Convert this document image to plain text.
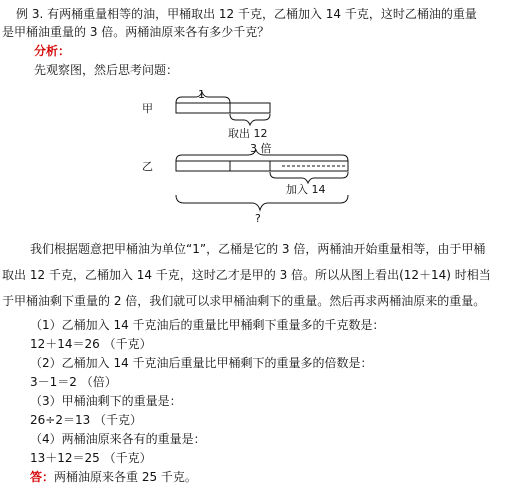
例 3. 有两桶重量相等的油，甲桶取出 12 千克，乙桶加入 14 千克，这时乙桶油的重量
是甲桶油重量的 3 倍。两桶油原来各有多少千克？
分析：
先观察图，然后思考问题：
甲
1
取出 12
乙
3 倍
加入 14
?
我们根据题意把甲桶油为单位“1”，乙桶是它的 3 倍，两桶油开始重量相等，由于甲桶
取出 12 千克，乙桶加入 14 千克，这时乙才是甲的 3 倍。所以从图上看出(12＋14) 时相当
于甲桶油剩下重量的 2 倍，我们就可以求甲桶油剩下的重量。然后再求两桶油原来的重量。
（1）乙桶加入 14 千克油后的重量比甲桶剩下重量多的千克数是：
12＋14＝26 （千克）
（2）乙桶加入 14 千克油后重量比甲桶剩下的重量多的倍数是：
3－1＝2 （倍）
（3）甲桶油剩下的重量是：
26÷2＝13 （千克）
（4）两桶油原来各有的重量是：
13＋12＝25 （千克）
答：两桶油原来各重 25 千克。
